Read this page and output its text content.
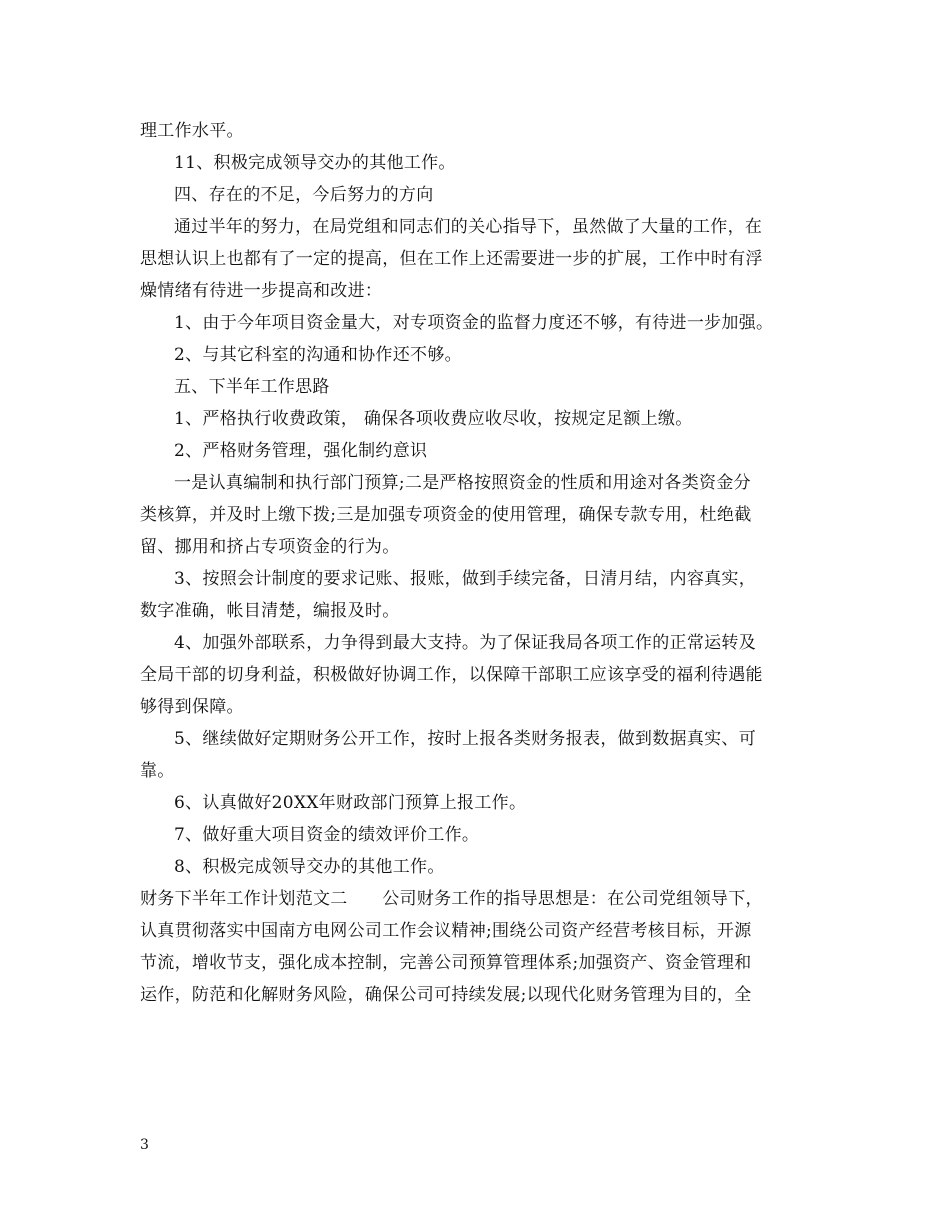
理工作水平。
11、积极完成领导交办的其他工作。
四、存在的不足，今后努力的方向
通过半年的努力，在局党组和同志们的关心指导下，虽然做了大量的工作，在
思想认识上也都有了一定的提高，但在工作上还需要进一步的扩展，工作中时有浮
燥情绪有待进一步提高和改进：
1、由于今年项目资金量大，对专项资金的监督力度还不够，有待进一步加强。
2、与其它科室的沟通和协作还不够。
五、下半年工作思路
1、严格执行收费政策， 确保各项收费应收尽收，按规定足额上缴。
2、严格财务管理，强化制约意识
一是认真编制和执行部门预算;二是严格按照资金的性质和用途对各类资金分
类核算，并及时上缴下拨;三是加强专项资金的使用管理，确保专款专用，杜绝截
留、挪用和挤占专项资金的行为。
3、按照会计制度的要求记账、报账，做到手续完备，日清月结，内容真实，
数字准确，帐目清楚，编报及时。
4、加强外部联系，力争得到最大支持。为了保证我局各项工作的正常运转及
全局干部的切身利益，积极做好协调工作，以保障干部职工应该享受的福利待遇能
够得到保障。
5、继续做好定期财务公开工作，按时上报各类财务报表，做到数据真实、可
靠。
6、认真做好20XX年财政部门预算上报工作。
7、做好重大项目资金的绩效评价工作。
8、积极完成领导交办的其他工作。
财务下半年工作计划范文二　　公司财务工作的指导思想是：在公司党组领导下，
认真贯彻落实中国南方电网公司工作会议精神;围绕公司资产经营考核目标，开源
节流，增收节支，强化成本控制，完善公司预算管理体系;加强资产、资金管理和
运作，防范和化解财务风险，确保公司可持续发展;以现代化财务管理为目的，全
3
